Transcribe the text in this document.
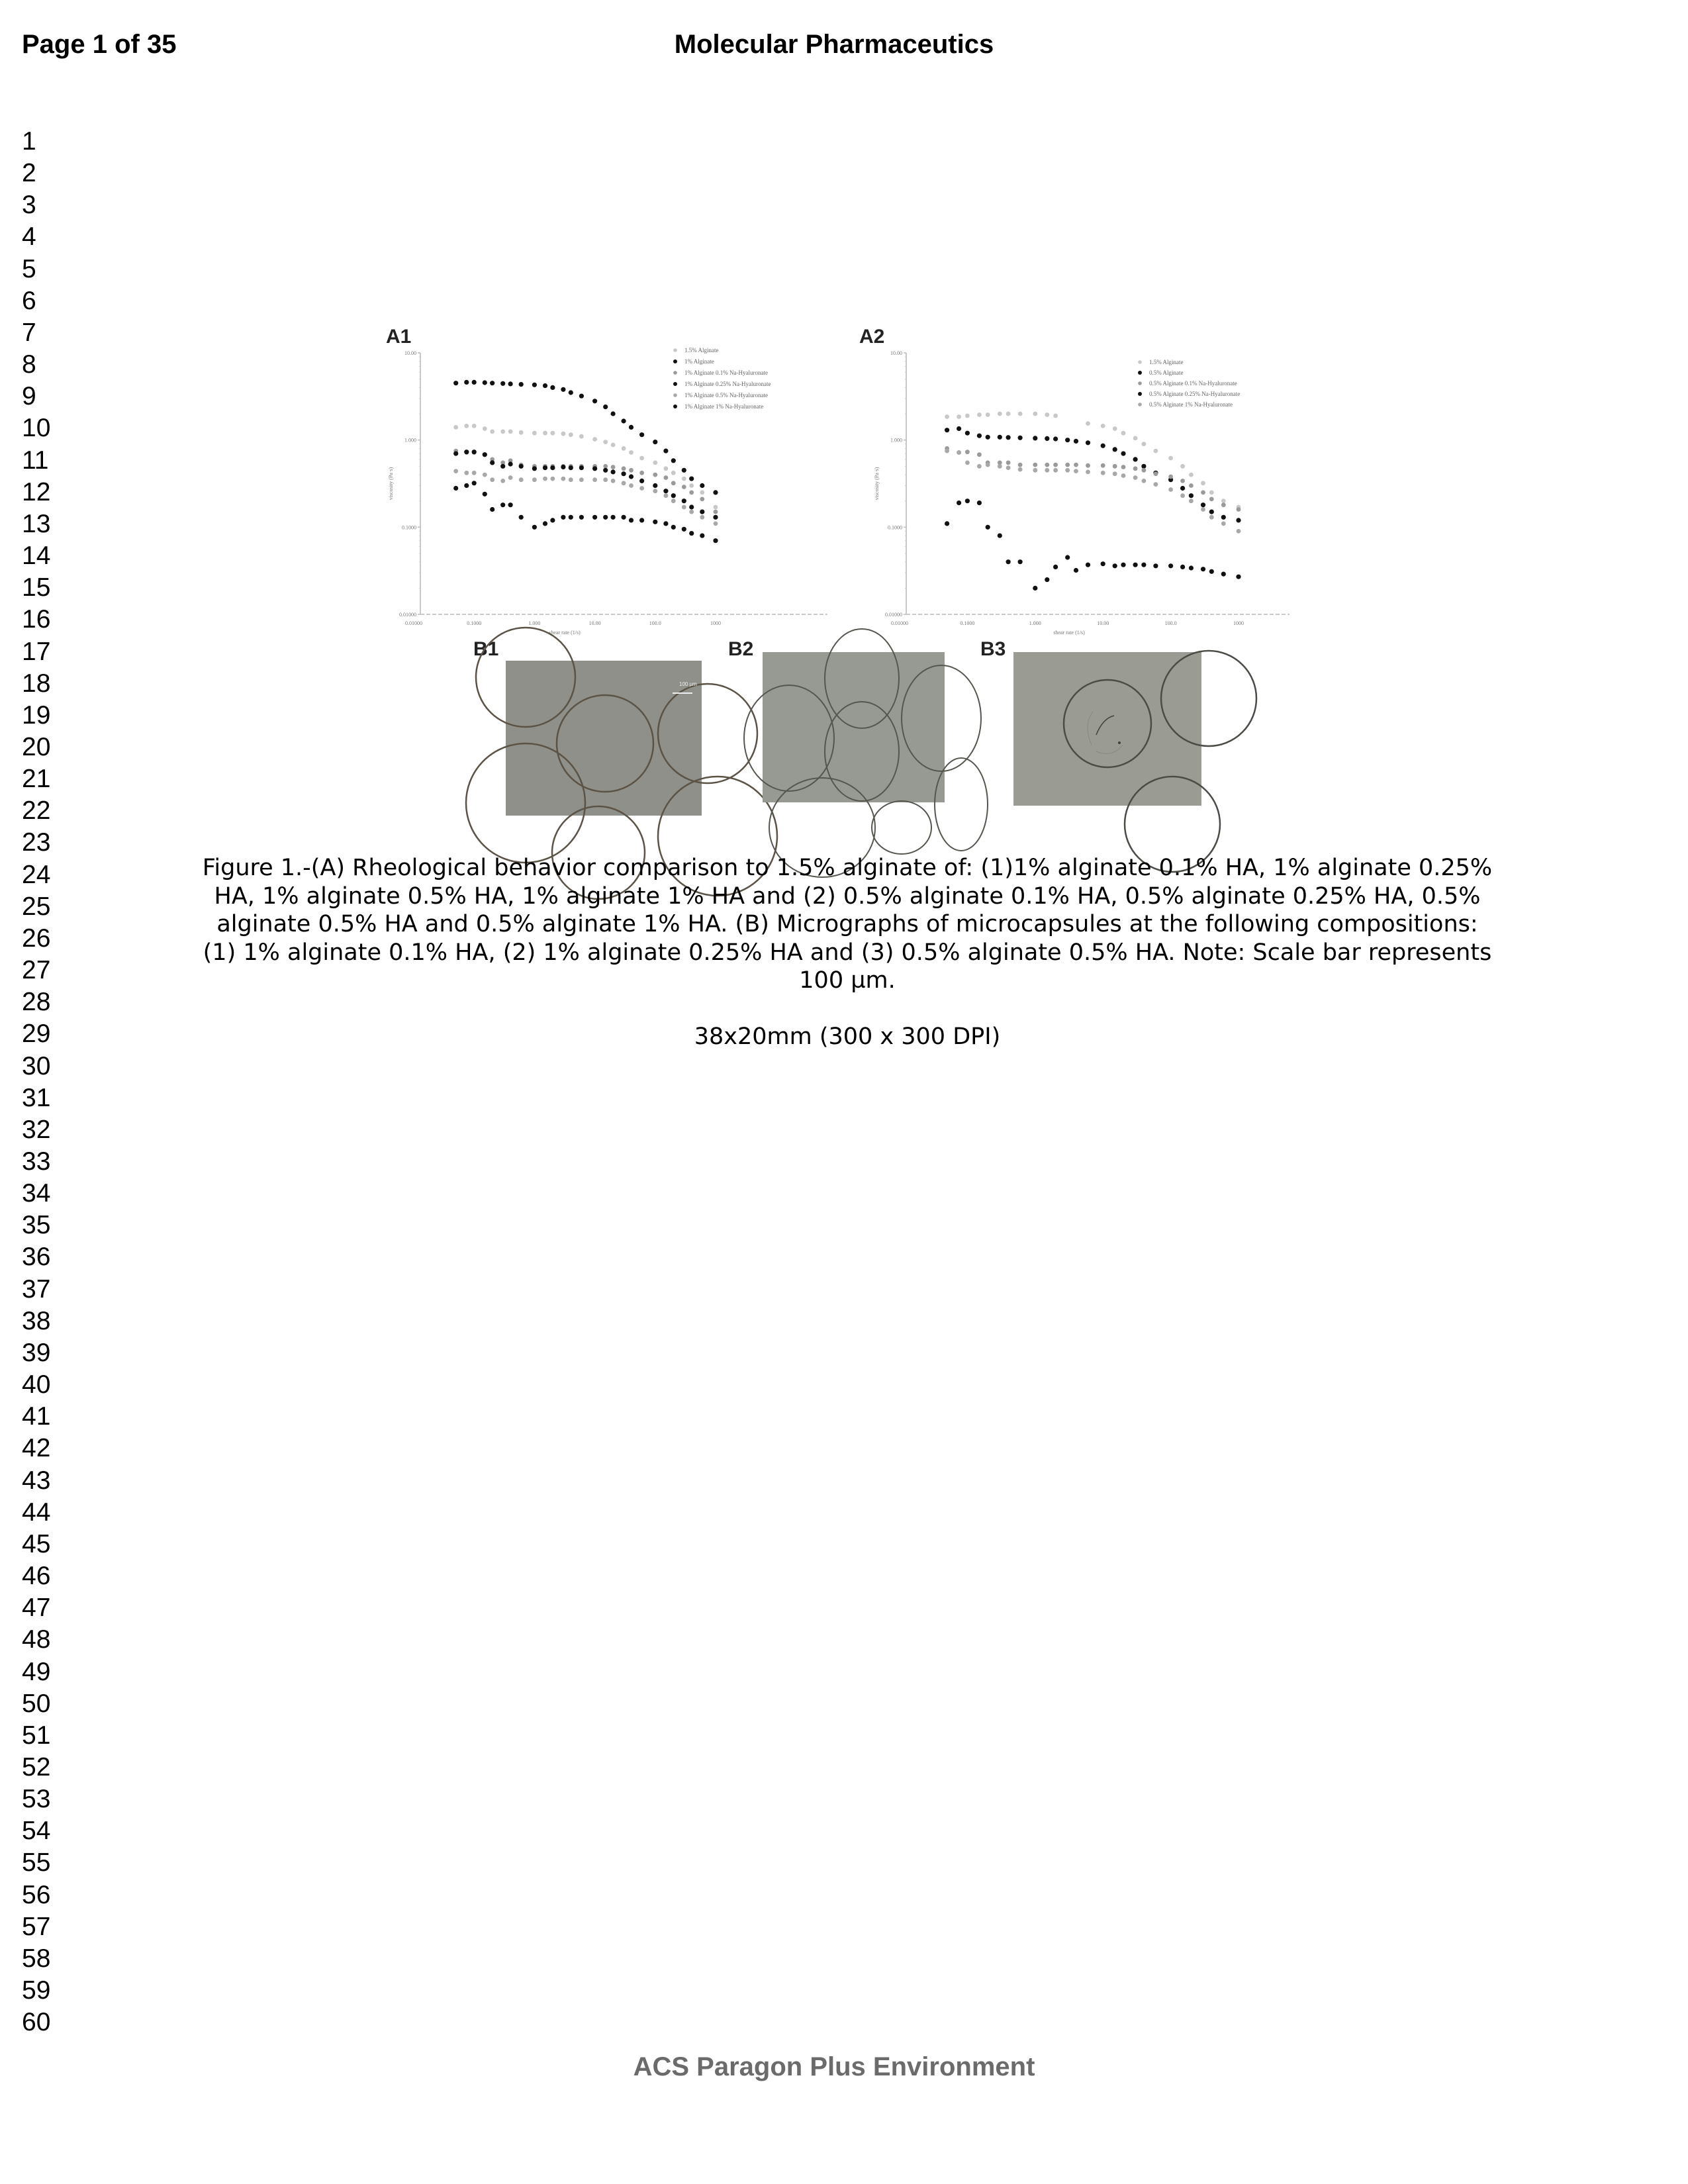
Page 1 of 35	Molecular Pharmaceutics
1
2
3
4
5
6
7
8
9
10
11
12
13
14
15
16
17
18
19
20
21
22
23
24
25
26
27
28
29
30
31
32
33
34
35
36
37
38
39
40
41
42
43
44
45
46
47
48
49
50
51
52
53
54
55
56
57
58
59
60
A1	A2
0.01000
0.1000
1.000
10.00
0.01000	0.1000	1.000	10.00	100.0	1000
shear rate (1/s)
viscosity (Pa·s)
1.5% Alginate
1% Alginate
1% Alginate 0.1% Na-Hyaluronate
1% Alginate 0.25% Na-Hyaluronate
1% Alginate 0.5% Na-Hyaluronate
1% Alginate 1% Na-Hyaluronate
0.01000
0.1000
1.000
10.00
0.01000	0.1000	1.000	10.00	100.0	1000
shear rate (1/s)
viscosity (Pa·s)
1.5% Alginate
0.5% Alginate
0.5% Alginate 0.1% Na-Hyaluronate
0.5% Alginate 0.25% Na-Hyaluronate
0.5% Alginate 1% Na-Hyaluronate
B1	B2	B3
100 µm
Figure 1.-(A) Rheological behavior comparison to 1.5% alginate of: (1)1% alginate 0.1% HA, 1% alginate 0.25% HA, 1% alginate 0.5% HA, 1% alginate 1% HA and (2) 0.5% alginate 0.1% HA, 0.5% alginate 0.25% HA, 0.5% alginate 0.5% HA and 0.5% alginate 1% HA. (B) Micrographs of microcapsules at the following compositions: (1) 1% alginate 0.1% HA, (2) 1% alginate 0.25% HA and (3) 0.5% alginate 0.5% HA. Note: Scale bar represents 100 µm.
38x20mm (300 x 300 DPI)
ACS Paragon Plus Environment
